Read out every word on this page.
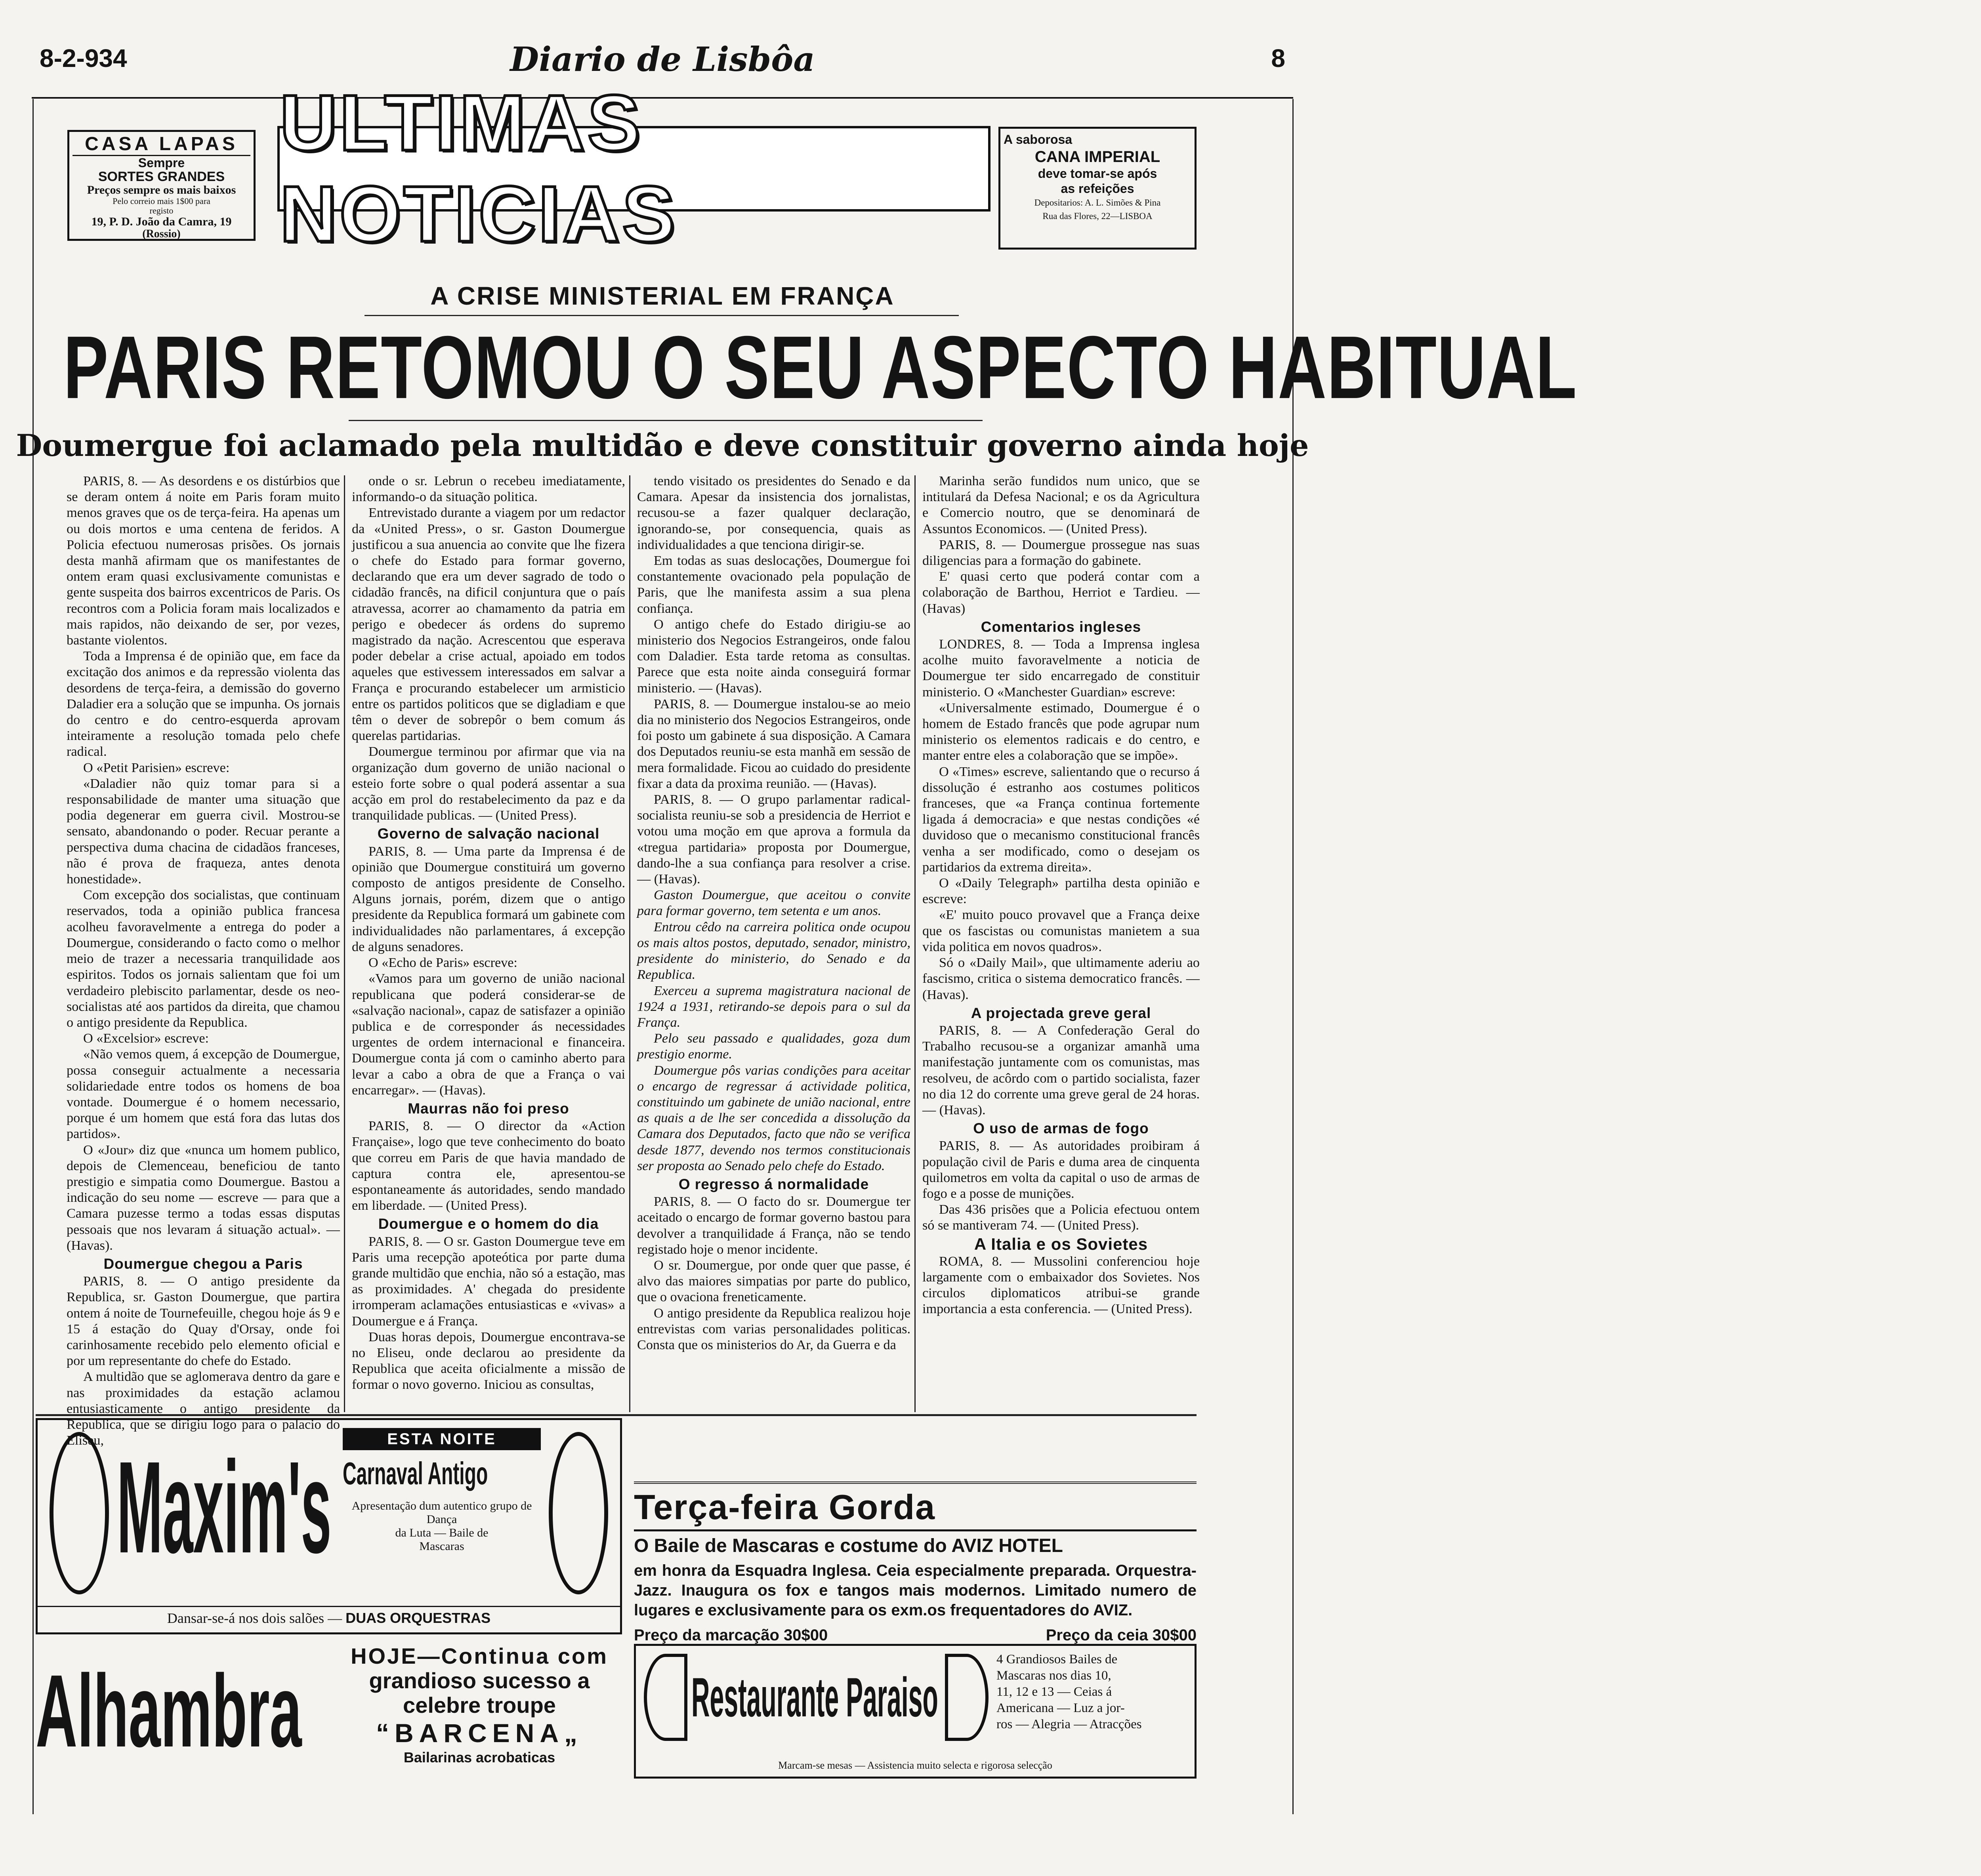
8-2-934	Diario de Lisbôa	8
CASA LAPAS
Sempre
SORTES GRANDES
Preços sempre os mais baixos
Pelo correio mais 1$00 para
registo
19, P. D. João da Camra, 19
(Rossio)
ULTIMAS NOTICIAS
A saborosa
CANA IMPERIAL
deve tomar-se após
as refeições
Depositarios: A. L. Simões & Pina
Rua das Flores, 22—LISBOA
A CRISE MINISTERIAL EM FRANÇA
PARIS RETOMOU O SEU ASPECTO HABITUAL
Doumergue foi aclamado pela multidão e deve constituir governo ainda hoje

PARIS, 8. — As desordens e os distúrbios que se deram ontem á noite em Paris foram muito menos graves que os de terça-feira. Ha apenas um ou dois mortos e uma centena de feridos. A Policia efectuou numerosas prisões. Os jornais desta manhã afirmam que os manifestantes de ontem eram quasi exclusivamente comunistas e gente suspeita dos bairros excentricos de Paris. Os recontros com a Policia foram mais localizados e mais rapidos, não deixando de ser, por vezes, bastante violentos.

Toda a Imprensa é de opinião que, em face da excitação dos animos e da repressão violenta das desordens de terça-feira, a demissão do governo Daladier era a solução que se impunha. Os jornais do centro e do centro-esquerda aprovam inteiramente a resolução tomada pelo chefe radical.

O «Petit Parisien» escreve:

«Daladier não quiz tomar para si a responsabilidade de manter uma situação que podia degenerar em guerra civil. Mostrou-se sensato, abandonando o poder. Recuar perante a perspectiva duma chacina de cidadãos franceses, não é prova de fraqueza, antes denota honestidade».

Com excepção dos socialistas, que continuam reservados, toda a opinião publica francesa acolheu favoravelmente a entrega do poder a Doumergue, considerando o facto como o melhor meio de trazer a necessaria tranquilidade aos espiritos. Todos os jornais salientam que foi um verdadeiro plebiscito parlamentar, desde os neo-socialistas até aos partidos da direita, que chamou o antigo presidente da Republica.

O «Excelsior» escreve:

«Não vemos quem, á excepção de Doumergue, possa conseguir actualmente a necessaria solidariedade entre todos os homens de boa vontade. Doumergue é o homem necessario, porque é um homem que está fora das lutas dos partidos».

O «Jour» diz que «nunca um homem publico, depois de Clemenceau, beneficiou de tanto prestigio e simpatia como Doumergue. Bastou a indicação do seu nome — escreve — para que a Camara puzesse termo a todas essas disputas pessoais que nos levaram á situação actual». — (Havas).

Doumergue chegou a Paris

PARIS, 8. — O antigo presidente da Republica, sr. Gaston Doumergue, que partira ontem á noite de Tournefeuille, chegou hoje ás 9 e 15 á estação do Quay d'Orsay, onde foi carinhosamente recebido pelo elemento oficial e por um representante do chefe do Estado.

A multidão que se aglomerava dentro da gare e nas proximidades da estação aclamou entusiasticamente o antigo presidente da Republica, que se dirigiu logo para o palacio do Eliseu,

onde o sr. Lebrun o recebeu imediatamente, informando-o da situação politica.

Entrevistado durante a viagem por um redactor da «United Press», o sr. Gaston Doumergue justificou a sua anuencia ao convite que lhe fizera o chefe do Estado para formar governo, declarando que era um dever sagrado de todo o cidadão francês, na dificil conjuntura que o país atravessa, acorrer ao chamamento da patria em perigo e obedecer ás ordens do supremo magistrado da nação. Acrescentou que esperava poder debelar a crise actual, apoiado em todos aqueles que estivessem interessados em salvar a França e procurando estabelecer um armisticio entre os partidos politicos que se digladiam e que têm o dever de sobrepôr o bem comum ás querelas partidarias.

Doumergue terminou por afirmar que via na organização dum governo de união nacional o esteio forte sobre o qual poderá assentar a sua acção em prol do restabelecimento da paz e da tranquilidade publicas. — (United Press).

Governo de salvação nacional

PARIS, 8. — Uma parte da Imprensa é de opinião que Doumergue constituirá um governo composto de antigos presidente de Conselho. Alguns jornais, porém, dizem que o antigo presidente da Republica formará um gabinete com individualidades não parlamentares, á excepção de alguns senadores.

O «Echo de Paris» escreve:

«Vamos para um governo de união nacional republicana que poderá considerar-se de «salvação nacional», capaz de satisfazer a opinião publica e de corresponder ás necessidades urgentes de ordem internacional e financeira. Doumergue conta já com o caminho aberto para levar a cabo a obra de que a França o vai encarregar». — (Havas).

Maurras não foi preso

PARIS, 8. — O director da «Action Française», logo que teve conhecimento do boato que correu em Paris de que havia mandado de captura contra ele, apresentou-se espontaneamente ás autoridades, sendo mandado em liberdade. — (United Press).

Doumergue e o homem do dia

PARIS, 8. — O sr. Gaston Doumergue teve em Paris uma recepção apoteótica por parte duma grande multidão que enchia, não só a estação, mas as proximidades. A' chegada do presidente irromperam aclamações entusiasticas e «vivas» a Doumergue e á França.

Duas horas depois, Doumergue encontrava-se no Eliseu, onde declarou ao presidente da Republica que aceita oficialmente a missão de formar o novo governo. Iniciou as consultas,

tendo visitado os presidentes do Senado e da Camara. Apesar da insistencia dos jornalistas, recusou-se a fazer qualquer declaração, ignorando-se, por consequencia, quais as individualidades a que tenciona dirigir-se.

Em todas as suas deslocações, Doumergue foi constantemente ovacionado pela população de Paris, que lhe manifesta assim a sua plena confiança.

O antigo chefe do Estado dirigiu-se ao ministerio dos Negocios Estrangeiros, onde falou com Daladier. Esta tarde retoma as consultas. Parece que esta noite ainda conseguirá formar ministerio. — (Havas).

PARIS, 8. — Doumergue instalou-se ao meio dia no ministerio dos Negocios Estrangeiros, onde foi posto um gabinete á sua disposição. A Camara dos Deputados reuniu-se esta manhã em sessão de mera formalidade. Ficou ao cuidado do presidente fixar a data da proxima reunião. — (Havas).

PARIS, 8. — O grupo parlamentar radical-socialista reuniu-se sob a presidencia de Herriot e votou uma moção em que aprova a formula da «tregua partidaria» proposta por Doumergue, dando-lhe a sua confiança para resolver a crise. — (Havas).

Gaston Doumergue, que aceitou o convite para formar governo, tem setenta e um anos.

Entrou cêdo na carreira politica onde ocupou os mais altos postos, deputado, senador, ministro, presidente do ministerio, do Senado e da Republica.

Exerceu a suprema magistratura nacional de 1924 a 1931, retirando-se depois para o sul da França.

Pelo seu passado e qualidades, goza dum prestigio enorme.

Doumergue pôs varias condições para aceitar o encargo de regressar á actividade politica, constituindo um gabinete de união nacional, entre as quais a de lhe ser concedida a dissolução da Camara dos Deputados, facto que não se verifica desde 1877, devendo nos termos constitucionais ser proposta ao Senado pelo chefe do Estado.

O regresso á normalidade

PARIS, 8. — O facto do sr. Doumergue ter aceitado o encargo de formar governo bastou para devolver a tranquilidade á França, não se tendo registado hoje o menor incidente.

O sr. Doumergue, por onde quer que passe, é alvo das maiores simpatias por parte do publico, que o ovaciona freneticamente.

O antigo presidente da Republica realizou hoje entrevistas com varias personalidades politicas. Consta que os ministerios do Ar, da Guerra e da

Marinha serão fundidos num unico, que se intitulará da Defesa Nacional; e os da Agricultura e Comercio noutro, que se denominará de Assuntos Economicos. — (United Press).

PARIS, 8. — Doumergue prossegue nas suas diligencias para a formação do gabinete.

E' quasi certo que poderá contar com a colaboração de Barthou, Herriot e Tardieu. — (Havas)

Comentarios ingleses

LONDRES, 8. — Toda a Imprensa inglesa acolhe muito favoravelmente a noticia de Doumergue ter sido encarregado de constituir ministerio. O «Manchester Guardian» escreve:

«Universalmente estimado, Doumergue é o homem de Estado francês que pode agrupar num ministerio os elementos radicais e do centro, e manter entre eles a colaboração que se impõe».

O «Times» escreve, salientando que o recurso á dissolução é estranho aos costumes politicos franceses, que «a França continua fortemente ligada á democracia» e que nestas condições «é duvidoso que o mecanismo constitucional francês venha a ser modificado, como o desejam os partidarios da extrema direita».

O «Daily Telegraph» partilha desta opinião e escreve:

«E' muito pouco provavel que a França deixe que os fascistas ou comunistas manietem a sua vida politica em novos quadros».

Só o «Daily Mail», que ultimamente aderiu ao fascismo, critica o sistema democratico francês. — (Havas).

A projectada greve geral

PARIS, 8. — A Confederação Geral do Trabalho recusou-se a organizar amanhã uma manifestação juntamente com os comunistas, mas resolveu, de acôrdo com o partido socialista, fazer no dia 12 do corrente uma greve geral de 24 horas. — (Havas).

O uso de armas de fogo

PARIS, 8. — As autoridades proibiram á população civil de Paris e duma area de cinquenta quilometros em volta da capital o uso de armas de fogo e a posse de munições.

Das 436 prisões que a Policia efectuou ontem só se mantiveram 74. — (United Press).

A Italia e os Sovietes

ROMA, 8. — Mussolini conferenciou hoje largamente com o embaixador dos Sovietes. Nos circulos diplomaticos atribui-se grande importancia a esta conferencia. — (United Press).

Maxim's	ESTA NOITE
Carnaval Antigo
Apresentação dum autentico grupo de Dança
da Luta — Baile de
Mascaras
Dansar-se-á nos dois salões — DUAS ORQUESTRAS
Terça-feira Gorda
O Baile de Mascaras e costume do AVIZ HOTEL
em honra da Esquadra Inglesa. Ceia especialmente preparada. Orquestra-Jazz. Inaugura os fox e tangos mais modernos. Limitado numero de lugares e exclusivamente para os exm.os frequentadores do AVIZ.
Preço da marcação 30$00	Preço da ceia 30$00
Alhambra	HOJE—Continua com
grandioso sucesso a
celebre troupe
“BARCENA„
Bailarinas acrobaticas
Restaurante Paraiso
4 Grandiosos Bailes de
Mascaras nos dias 10,
11, 12 e 13 — Ceias á
Americana — Luz a jor-
ros — Alegria — Atracções
Marcam-se mesas — Assistencia muito selecta e rigorosa selecção
